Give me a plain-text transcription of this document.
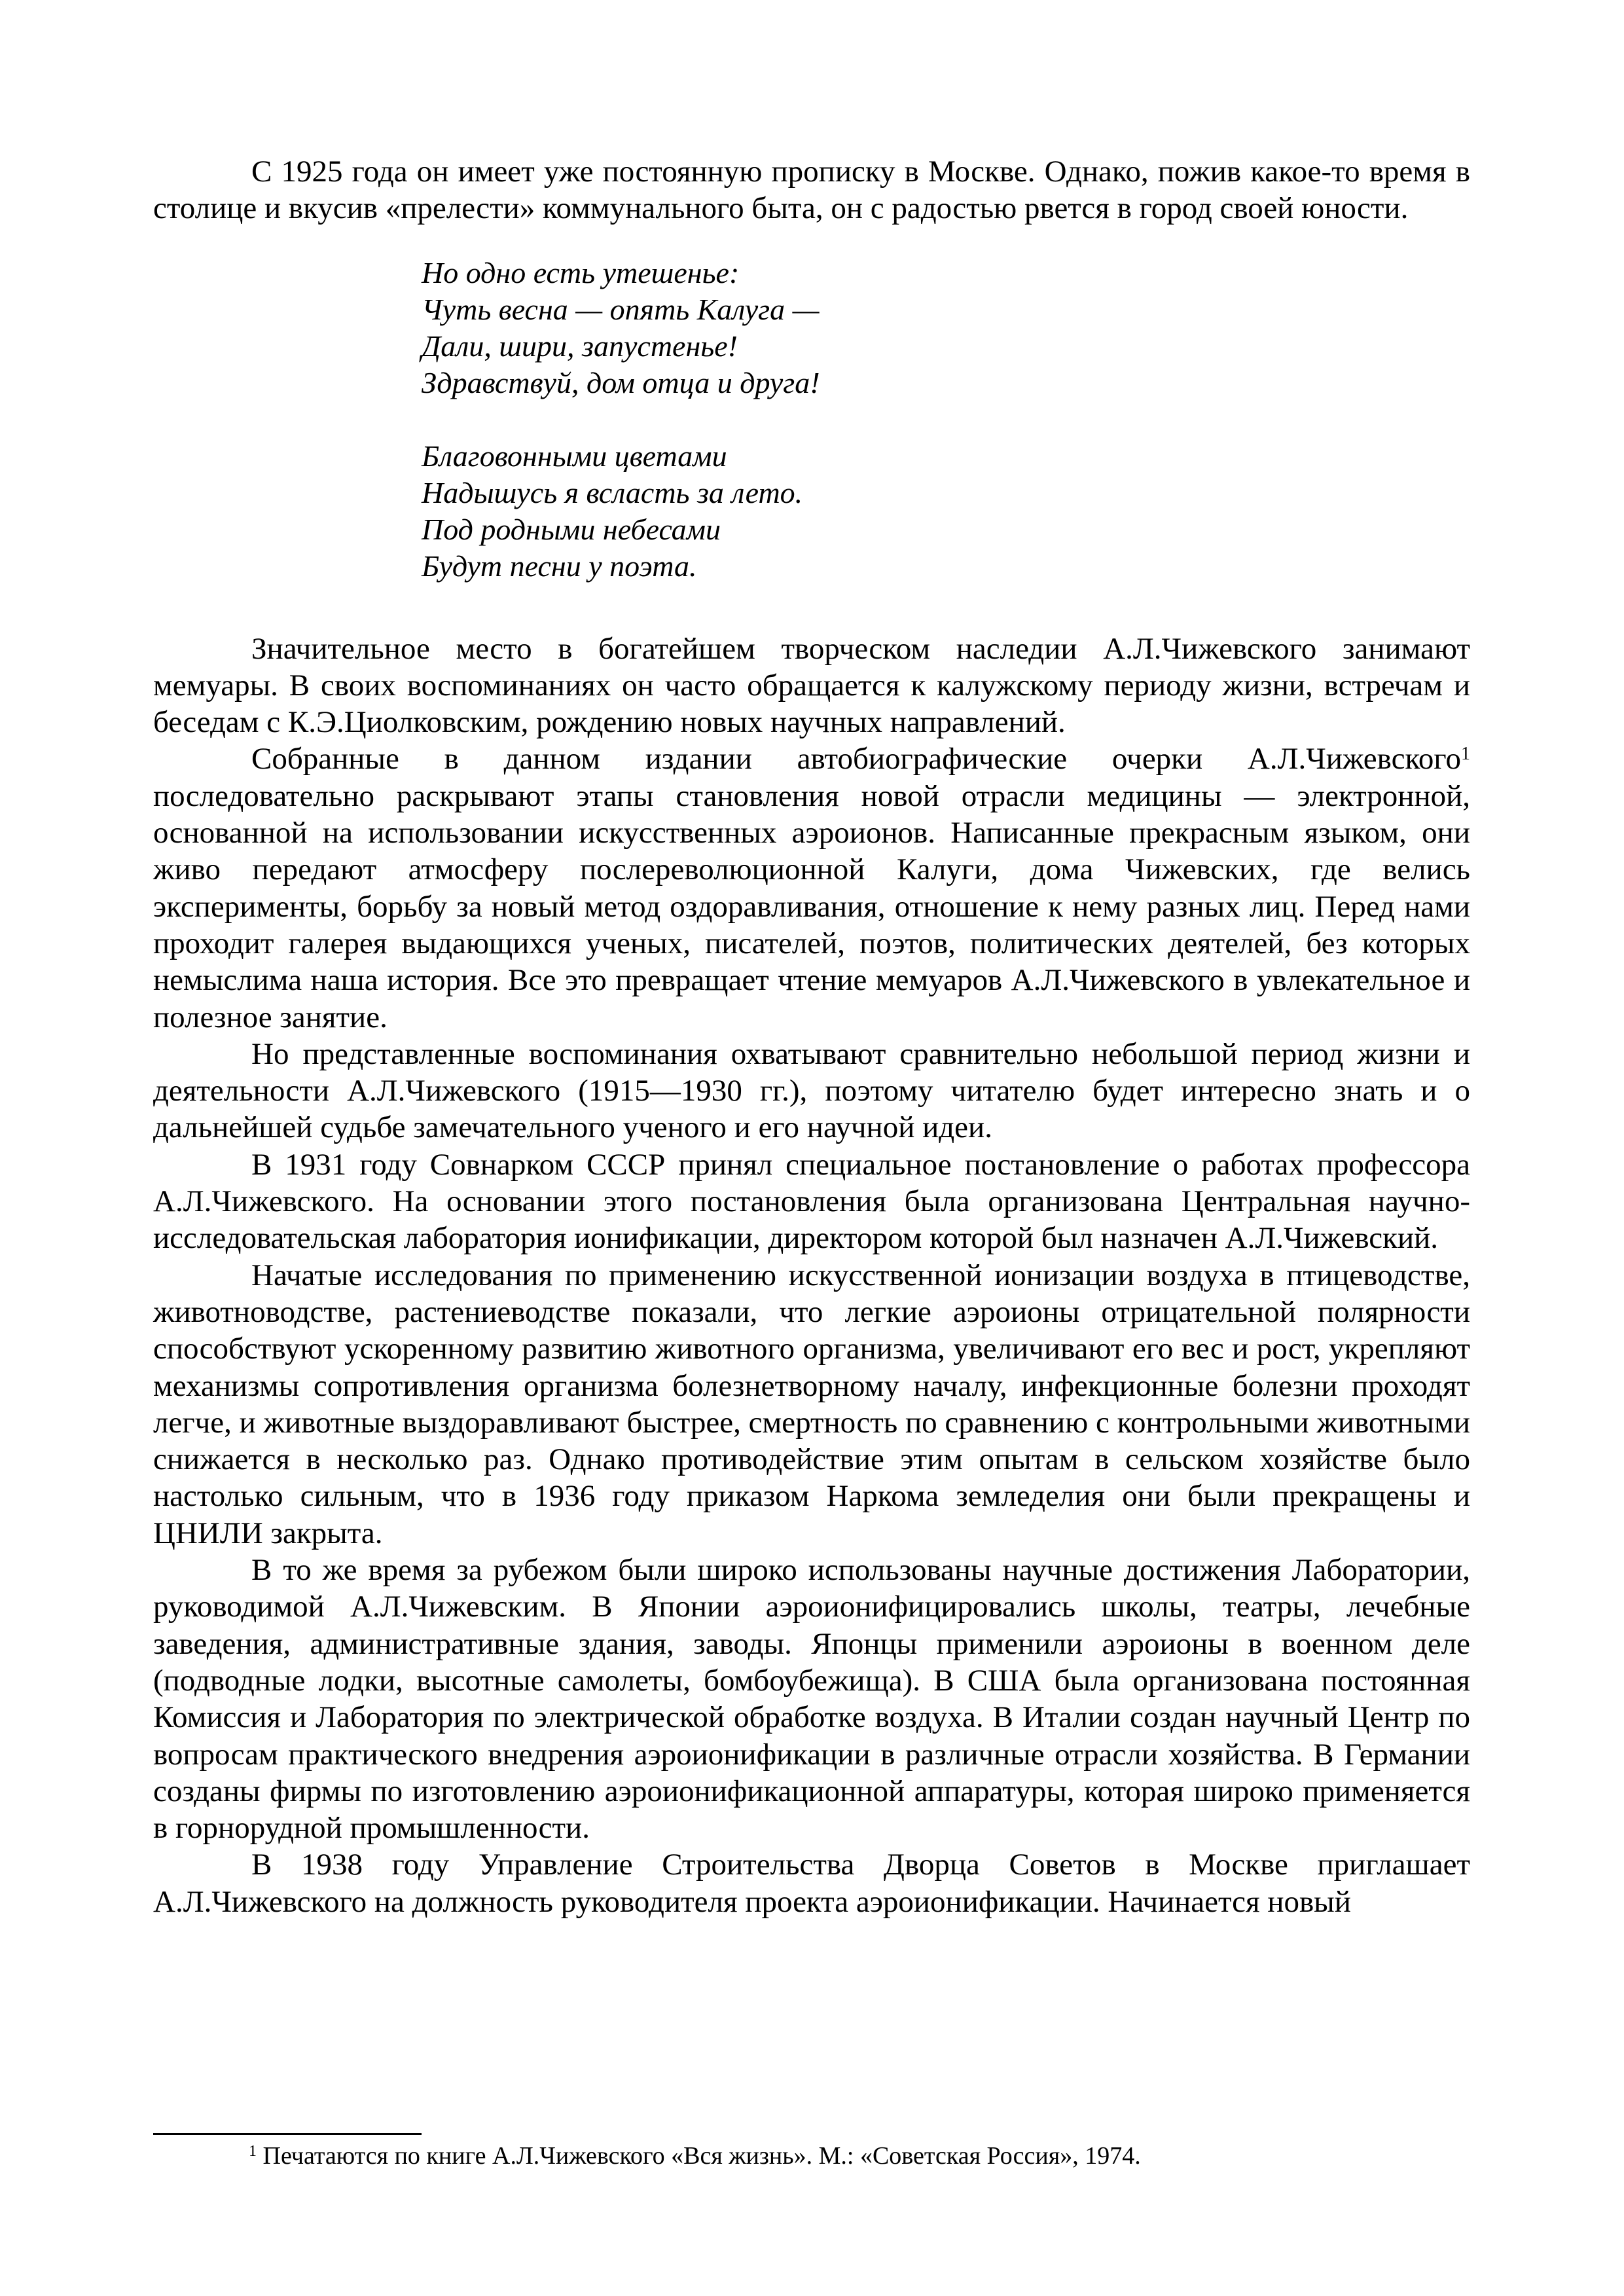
С 1925 года он имеет уже постоянную прописку в Москве. Однако, пожив какое-то время в столице и вкусив «прелести» коммунального быта, он с радостью рвется в город своей юности.

Но одно есть утешенье:
Чуть весна — опять Калуга —
Дали, шири, запустенье!
Здравствуй, дом отца и друга!
Благовонными цветами
Надышусь я всласть за лето.
Под родными небесами
Будут песни у поэта.

Значительное место в богатейшем творческом наследии А.Л.Чижевского занимают мемуары. В своих воспоминаниях он часто обращается к калужскому периоду жизни, встречам и беседам с К.Э.Циолковским, рождению новых научных направлений.

Собранные в данном издании автобиографические очерки А.Л.Чижевского$^1$ последовательно раскрывают этапы становления новой отрасли медицины — электронной, основанной на использовании искусственных аэроионов. Написанные прекрасным языком, они живо передают атмосферу послереволюционной Калуги, дома Чижевских, где велись эксперименты, борьбу за новый метод оздоравливания, отношение к нему разных лиц. Перед нами проходит галерея выдающихся ученых, писателей, поэтов, политических деятелей, без которых немыслима наша история. Все это превращает чтение мемуаров А.Л.Чижевского в увлекательное и полезное занятие.

Но представленные воспоминания охватывают сравнительно небольшой период жизни и деятельности А.Л.Чижевского (1915—1930 гг.), поэтому читателю будет интересно знать и о дальнейшей судьбе замечательного ученого и его научной идеи.

В 1931 году Совнарком СССР принял специальное постановление о работах профессора А.Л.Чижевского. На основании этого постановления была организована Центральная научно-исследовательская лаборатория ионификации, директором которой был назначен А.Л.Чижевский.

Начатые исследования по применению искусственной ионизации воздуха в птицеводстве, животноводстве, растениеводстве показали, что легкие аэроионы отрицательной полярности способствуют ускоренному развитию животного организма, увеличивают его вес и рост, укрепляют механизмы сопротивления организма болезнетворному началу, инфекционные болезни проходят легче, и животные выздоравливают быстрее, смертность по сравнению с контрольными животными снижается в несколько раз. Однако противодействие этим опытам в сельском хозяйстве было настолько сильным, что в 1936 году приказом Наркома земледелия они были прекращены и ЦНИЛИ закрыта.

В то же время за рубежом были широко использованы научные достижения Лаборатории, руководимой А.Л.Чижевским. В Японии аэроионифицировались школы, театры, лечебные заведения, административные здания, заводы. Японцы применили аэроионы в военном деле (подводные лодки, высотные самолеты, бомбоубежища). В США была организована постоянная Комиссия и Лаборатория по электрической обработке воздуха. В Италии создан научный Центр по вопросам практического внедрения аэроионификации в различные отрасли хозяйства. В Германии созданы фирмы по изготовлению аэроионификационной аппаратуры, которая широко применяется в горнорудной промышленности.

В 1938 году Управление Строительства Дворца Советов в Москве приглашает А.Л.Чижевского на должность руководителя проекта аэроионификации. Начинается новый

$^1$ Печатаются по книге А.Л.Чижевского «Вся жизнь». М.: «Советская Россия», 1974.
